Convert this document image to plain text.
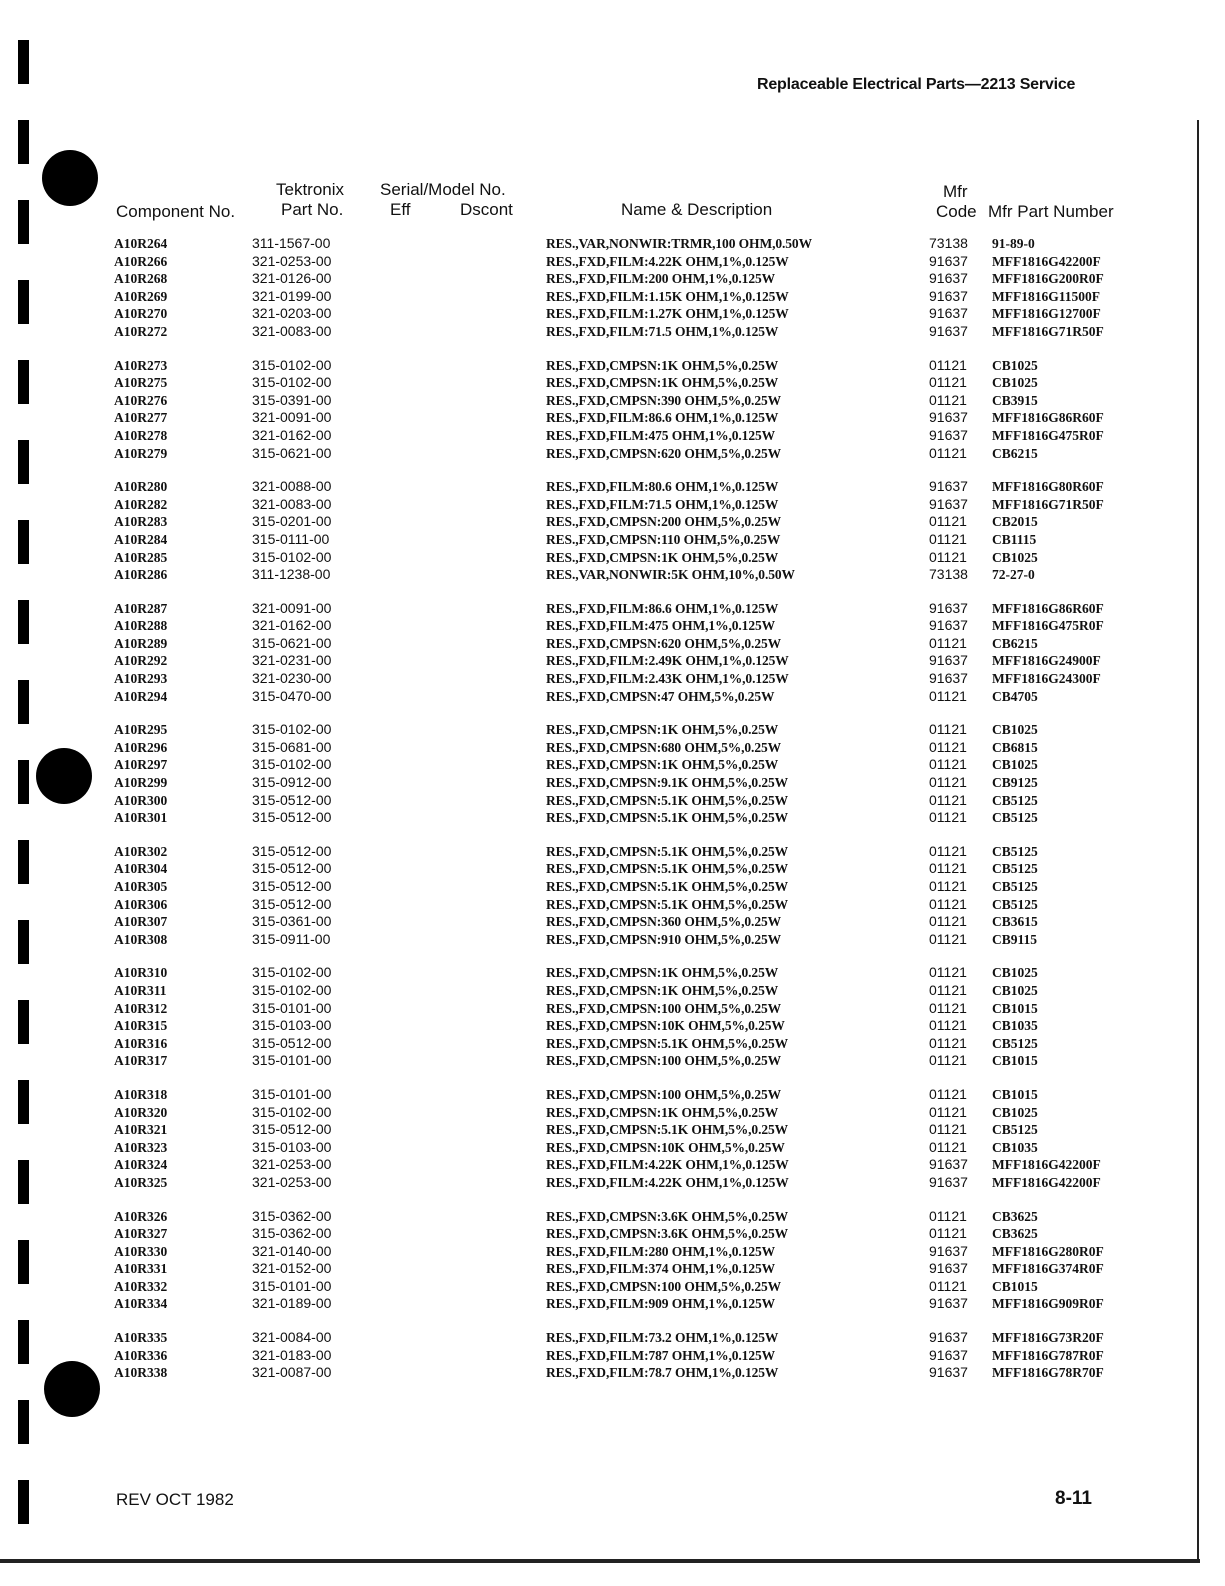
Replaceable Electrical Parts—2213 Service
Component No.
Tektronix
Part No.
Serial/Model No.
Eff	Dscont	Name & Description
Mfr
Code Mfr Part Number
A10R264	311-1567-00	RES.,VAR,NONWIR:TRMR,100 OHM,0.50W	73138 91-89-0
A10R266	321-0253-00	RES.,FXD,FILM:4.22K OHM,1%,0.125W	91637 MFF1816G42200F
A10R268	321-0126-00	RES.,FXD,FILM:200 OHM,1%,0.125W	91637 MFF1816G200R0F
A10R269	321-0199-00	RES.,FXD,FILM:1.15K OHM,1%,0.125W	91637 MFF1816G11500F
A10R270	321-0203-00	RES.,FXD,FILM:1.27K OHM,1%,0.125W	91637 MFF1816G12700F
A10R272	321-0083-00	RES.,FXD,FILM:71.5 OHM,1%,0.125W	91637 MFF1816G71R50F
A10R273	315-0102-00	RES.,FXD,CMPSN:1K OHM,5%,0.25W	01121 CB1025
A10R275	315-0102-00	RES.,FXD,CMPSN:1K OHM,5%,0.25W	01121 CB1025
A10R276	315-0391-00	RES.,FXD,CMPSN:390 OHM,5%,0.25W	01121 CB3915
A10R277	321-0091-00	RES.,FXD,FILM:86.6 OHM,1%,0.125W	91637 MFF1816G86R60F
A10R278	321-0162-00	RES.,FXD,FILM:475 OHM,1%,0.125W	91637 MFF1816G475R0F
A10R279	315-0621-00	RES.,FXD,CMPSN:620 OHM,5%,0.25W	01121 CB6215
A10R280	321-0088-00	RES.,FXD,FILM:80.6 OHM,1%,0.125W	91637 MFF1816G80R60F
A10R282	321-0083-00	RES.,FXD,FILM:71.5 OHM,1%,0.125W	91637 MFF1816G71R50F
A10R283	315-0201-00	RES.,FXD,CMPSN:200 OHM,5%,0.25W	01121 CB2015
A10R284	315-0111-00	RES.,FXD,CMPSN:110 OHM,5%,0.25W	01121 CB1115
A10R285	315-0102-00	RES.,FXD,CMPSN:1K OHM,5%,0.25W	01121 CB1025
A10R286	311-1238-00	RES.,VAR,NONWIR:5K OHM,10%,0.50W	73138 72-27-0
A10R287	321-0091-00	RES.,FXD,FILM:86.6 OHM,1%,0.125W	91637 MFF1816G86R60F
A10R288	321-0162-00	RES.,FXD,FILM:475 OHM,1%,0.125W	91637 MFF1816G475R0F
A10R289	315-0621-00	RES.,FXD,CMPSN:620 OHM,5%,0.25W	01121 CB6215
A10R292	321-0231-00	RES.,FXD,FILM:2.49K OHM,1%,0.125W	91637 MFF1816G24900F
A10R293	321-0230-00	RES.,FXD,FILM:2.43K OHM,1%,0.125W	91637 MFF1816G24300F
A10R294	315-0470-00	RES.,FXD,CMPSN:47 OHM,5%,0.25W	01121 CB4705
A10R295	315-0102-00	RES.,FXD,CMPSN:1K OHM,5%,0.25W	01121 CB1025
A10R296	315-0681-00	RES.,FXD,CMPSN:680 OHM,5%,0.25W	01121 CB6815
A10R297	315-0102-00	RES.,FXD,CMPSN:1K OHM,5%,0.25W	01121 CB1025
A10R299	315-0912-00	RES.,FXD,CMPSN:9.1K OHM,5%,0.25W	01121 CB9125
A10R300	315-0512-00	RES.,FXD,CMPSN:5.1K OHM,5%,0.25W	01121 CB5125
A10R301	315-0512-00	RES.,FXD,CMPSN:5.1K OHM,5%,0.25W	01121 CB5125
A10R302	315-0512-00	RES.,FXD,CMPSN:5.1K OHM,5%,0.25W	01121 CB5125
A10R304	315-0512-00	RES.,FXD,CMPSN:5.1K OHM,5%,0.25W	01121 CB5125
A10R305	315-0512-00	RES.,FXD,CMPSN:5.1K OHM,5%,0.25W	01121 CB5125
A10R306	315-0512-00	RES.,FXD,CMPSN:5.1K OHM,5%,0.25W	01121 CB5125
A10R307	315-0361-00	RES.,FXD,CMPSN:360 OHM,5%,0.25W	01121 CB3615
A10R308	315-0911-00	RES.,FXD,CMPSN:910 OHM,5%,0.25W	01121 CB9115
A10R310	315-0102-00	RES.,FXD,CMPSN:1K OHM,5%,0.25W	01121 CB1025
A10R311	315-0102-00	RES.,FXD,CMPSN:1K OHM,5%,0.25W	01121 CB1025
A10R312	315-0101-00	RES.,FXD,CMPSN:100 OHM,5%,0.25W	01121 CB1015
A10R315	315-0103-00	RES.,FXD,CMPSN:10K OHM,5%,0.25W	01121 CB1035
A10R316	315-0512-00	RES.,FXD,CMPSN:5.1K OHM,5%,0.25W	01121 CB5125
A10R317	315-0101-00	RES.,FXD,CMPSN:100 OHM,5%,0.25W	01121 CB1015
A10R318	315-0101-00	RES.,FXD,CMPSN:100 OHM,5%,0.25W	01121 CB1015
A10R320	315-0102-00	RES.,FXD,CMPSN:1K OHM,5%,0.25W	01121 CB1025
A10R321	315-0512-00	RES.,FXD,CMPSN:5.1K OHM,5%,0.25W	01121 CB5125
A10R323	315-0103-00	RES.,FXD,CMPSN:10K OHM,5%,0.25W	01121 CB1035
A10R324	321-0253-00	RES.,FXD,FILM:4.22K OHM,1%,0.125W	91637 MFF1816G42200F
A10R325	321-0253-00	RES.,FXD,FILM:4.22K OHM,1%,0.125W	91637 MFF1816G42200F
A10R326	315-0362-00	RES.,FXD,CMPSN:3.6K OHM,5%,0.25W	01121 CB3625
A10R327	315-0362-00	RES.,FXD,CMPSN:3.6K OHM,5%,0.25W	01121 CB3625
A10R330	321-0140-00	RES.,FXD,FILM:280 OHM,1%,0.125W	91637 MFF1816G280R0F
A10R331	321-0152-00	RES.,FXD,FILM:374 OHM,1%,0.125W	91637 MFF1816G374R0F
A10R332	315-0101-00	RES.,FXD,CMPSN:100 OHM,5%,0.25W	01121 CB1015
A10R334	321-0189-00	RES.,FXD,FILM:909 OHM,1%,0.125W	91637 MFF1816G909R0F
A10R335	321-0084-00	RES.,FXD,FILM:73.2 OHM,1%,0.125W	91637 MFF1816G73R20F
A10R336	321-0183-00	RES.,FXD,FILM:787 OHM,1%,0.125W	91637 MFF1816G787R0F
A10R338	321-0087-00	RES.,FXD,FILM:78.7 OHM,1%,0.125W	91637 MFF1816G78R70F
REV OCT 1982	8-11
